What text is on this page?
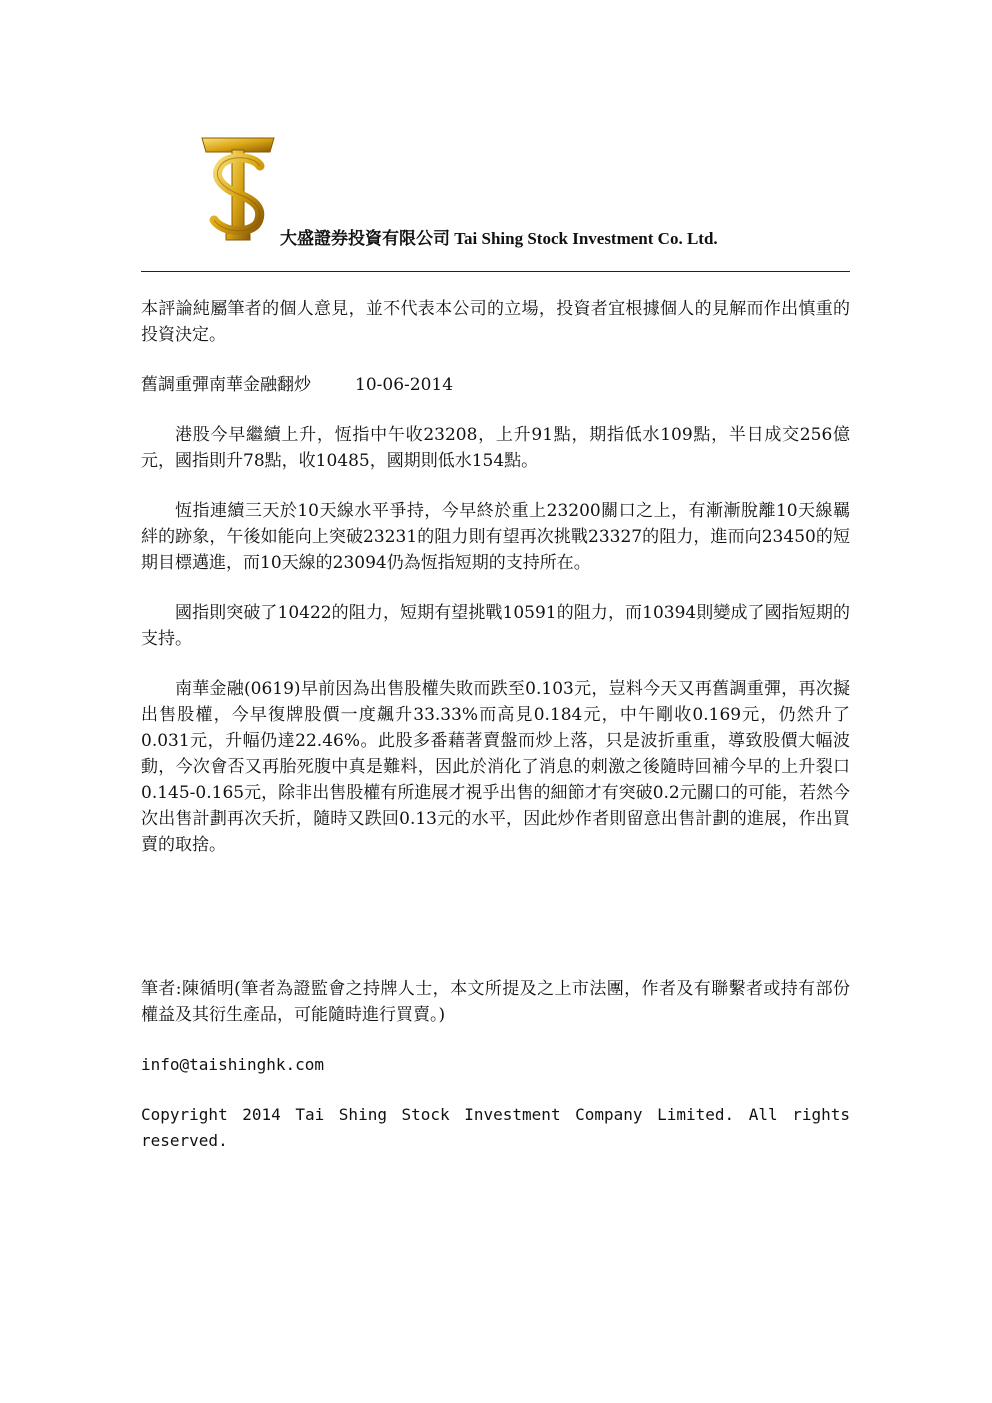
大盛證券投資有限公司 Tai Shing Stock Investment Co. Ltd.

本評論純屬筆者的個人意見，並不代表本公司的立場，投資者宜根據個人的見解而作出慎重的投資決定。

舊調重彈南華金融翻炒	10-06-2014

港股今早繼續上升，恆指中午收23208，上升91點，期指低水109點，半日成交256億元，國指則升78點，收10485，國期則低水154點。

恆指連續三天於10天線水平爭持，今早終於重上23200關口之上，有漸漸脫離10天線羈絆的跡象，午後如能向上突破23231的阻力則有望再次挑戰23327的阻力，進而向23450的短期目標邁進，而10天線的23094仍為恆指短期的支持所在。

國指則突破了10422的阻力，短期有望挑戰10591的阻力，而10394則變成了國指短期的支持。

南華金融(0619)早前因為出售股權失敗而跌至0.103元，豈料今天又再舊調重彈，再次擬出售股權，今早復牌股價一度飆升33.33%而高見0.184元，中午剛收0.169元，仍然升了0.031元，升幅仍達22.46%。此股多番藉著賣盤而炒上落，只是波折重重，導致股價大幅波動，今次會否又再胎死腹中真是難料，因此於消化了消息的刺激之後隨時回補今早的上升裂口0.145-0.165元，除非出售股權有所進展才視乎出售的細節才有突破0.2元關口的可能，若然今次出售計劃再次夭折，隨時又跌回0.13元的水平，因此炒作者則留意出售計劃的進展，作出買賣的取捨。

筆者:陳循明(筆者為證監會之持牌人士，本文所提及之上市法團，作者及有聯繫者或持有部份權益及其衍生產品，可能隨時進行買賣。)

info@taishinghk.com

Copyright 2014 Tai Shing Stock Investment Company Limited. All rights reserved.
